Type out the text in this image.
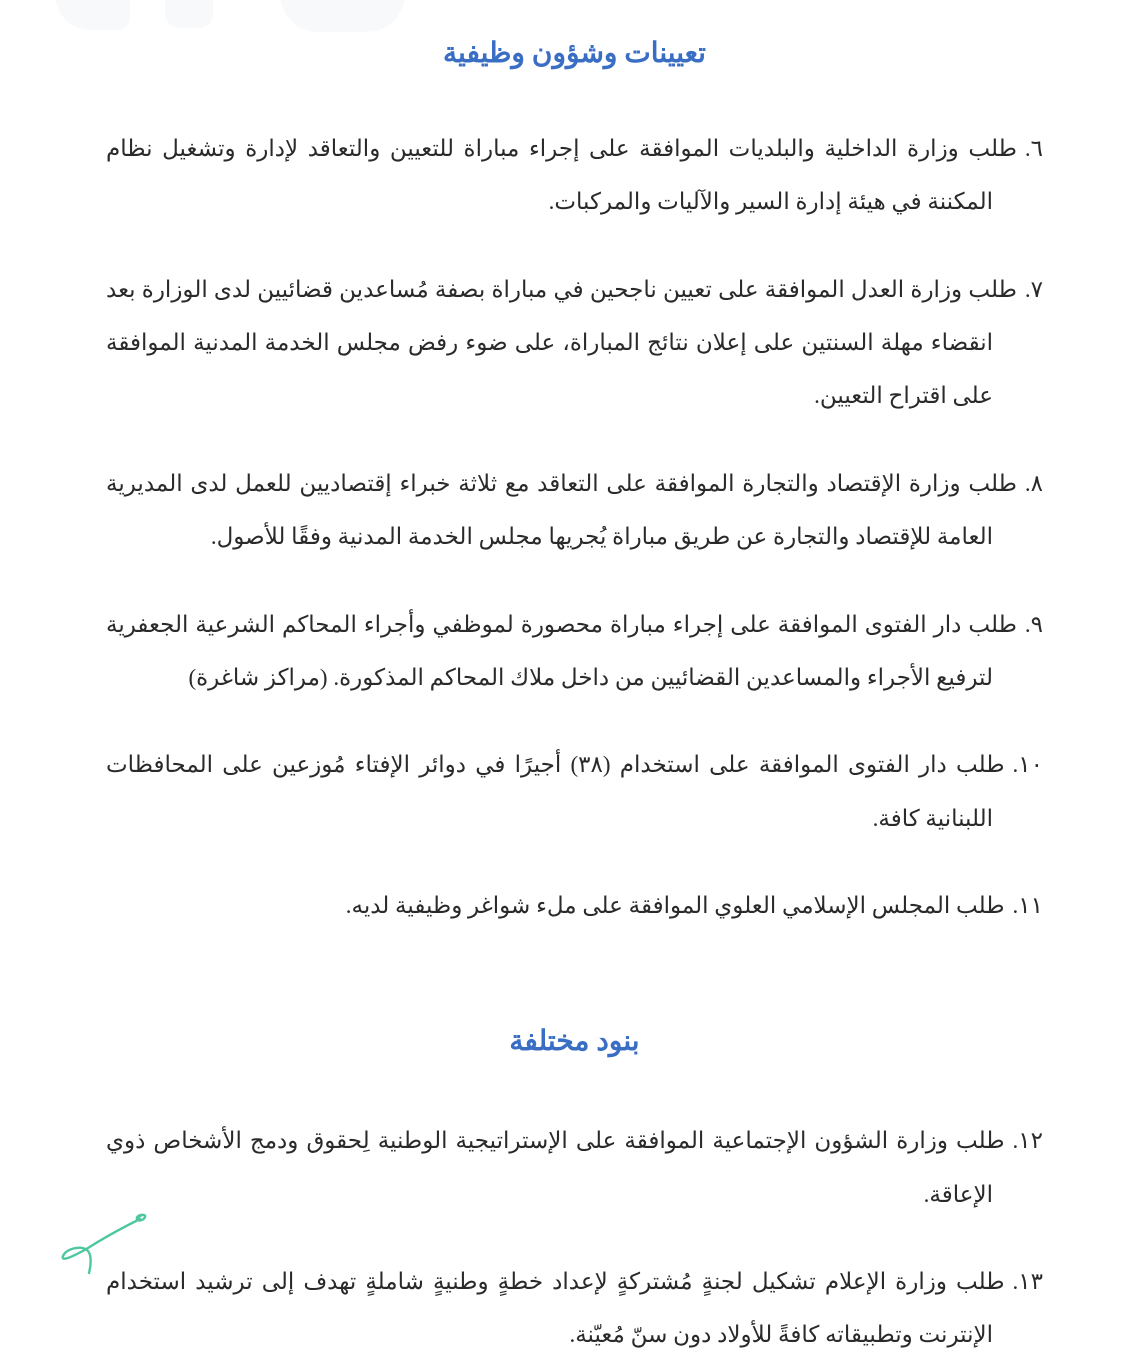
تعيينات وشؤون وظيفية
٦.طلب وزارة الداخلية والبلديات الموافقة على إجراء مباراة للتعيين والتعاقد لإدارة وتشغيل نظام المكننة في هيئة إدارة السير والآليات والمركبات.
٧.طلب وزارة العدل الموافقة على تعيين ناجحين في مباراة بصفة مُساعدين قضائيين لدى الوزارة بعد انقضاء مهلة السنتين على إعلان نتائج المباراة، على ضوء رفض مجلس الخدمة المدنية الموافقة على اقتراح التعيين.
٨.طلب وزارة الإقتصاد والتجارة الموافقة على التعاقد مع ثلاثة خبراء إقتصاديين للعمل لدى المديرية العامة للإقتصاد والتجارة عن طريق مباراة يُجريها مجلس الخدمة المدنية وفقًا للأصول.
٩.طلب دار الفتوى الموافقة على إجراء مباراة محصورة لموظفي وأجراء المحاكم الشرعية الجعفرية لترفيع الأجراء والمساعدين القضائيين من داخل ملاك المحاكم المذكورة. (مراكز شاغرة)
١٠.طلب دار الفتوى الموافقة على استخدام (٣٨) أجيرًا في دوائر الإفتاء مُوزعين على المحافظات اللبنانية كافة.
١١.طلب المجلس الإسلامي العلوي الموافقة على ملء شواغر وظيفية لديه.
بنود مختلفة
١٢.طلب وزارة الشؤون الإجتماعية الموافقة على الإستراتيجية الوطنية لِحقوق ودمج الأشخاص ذوي الإعاقة.
١٣.طلب وزارة الإعلام تشكيل لجنةٍ مُشتركةٍ لإعداد خطةٍ وطنيةٍ شاملةٍ تهدف إلى ترشيد استخدام الإنترنت وتطبيقاته كافةً للأولاد دون سنّ مُعيّنة.
